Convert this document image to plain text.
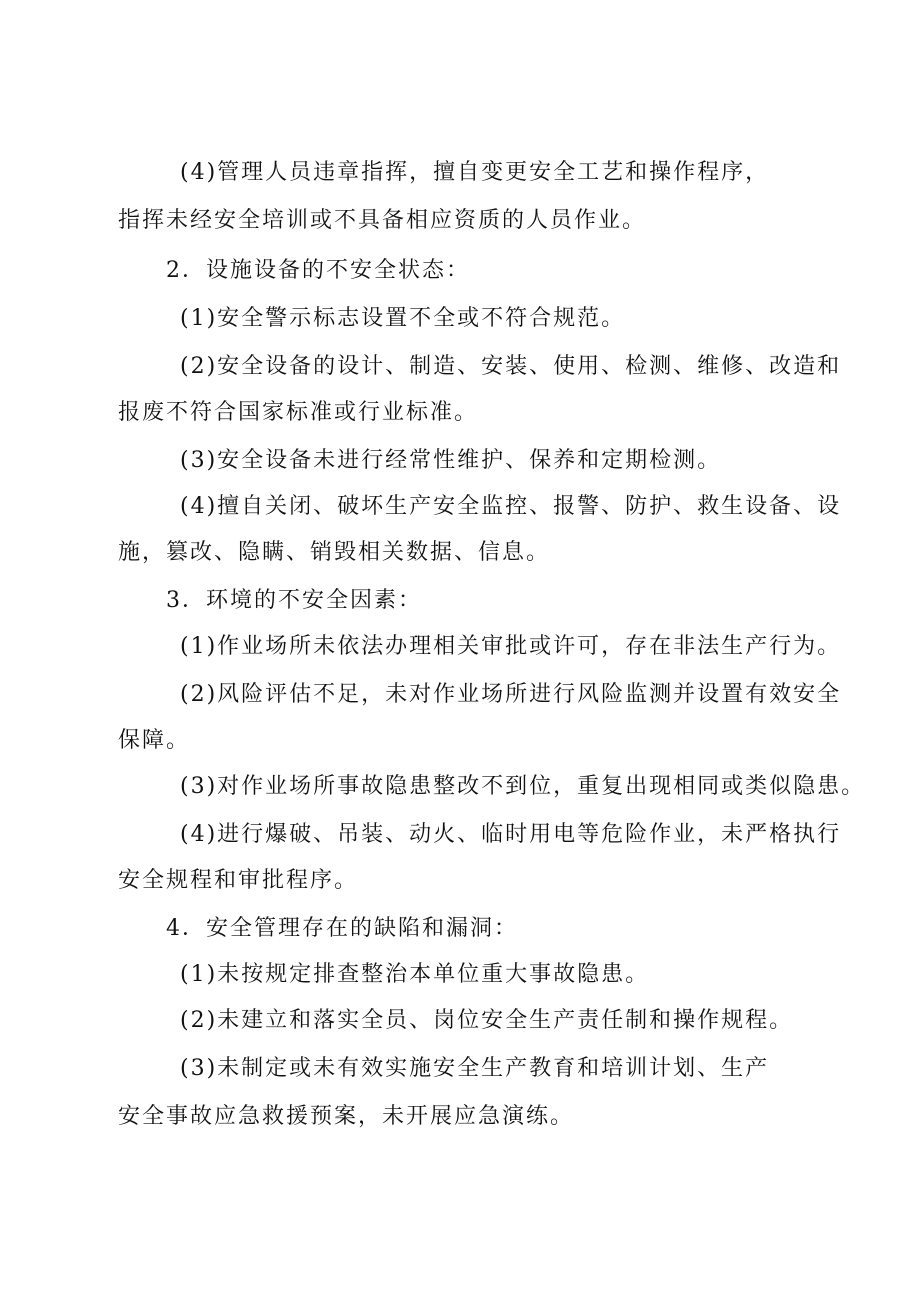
(4)管理人员违章指挥，擅自变更安全工艺和操作程序，
指挥未经安全培训或不具备相应资质的人员作业。
2．设施设备的不安全状态：
(1)安全警示标志设置不全或不符合规范。
(2)安全设备的设计、制造、安装、使用、检测、维修、改造和
报废不符合国家标准或行业标准。
(3)安全设备未进行经常性维护、保养和定期检测。
(4)擅自关闭、破坏生产安全监控、报警、防护、救生设备、设
施，篡改、隐瞒、销毁相关数据、信息。
3．环境的不安全因素：
(1)作业场所未依法办理相关审批或许可，存在非法生产行为。
(2)风险评估不足，未对作业场所进行风险监测并设置有效安全
保障。
(3)对作业场所事故隐患整改不到位，重复出现相同或类似隐患。
(4)进行爆破、吊装、动火、临时用电等危险作业，未严格执行
安全规程和审批程序。
4．安全管理存在的缺陷和漏洞：
(1)未按规定排查整治本单位重大事故隐患。
(2)未建立和落实全员、岗位安全生产责任制和操作规程。
(3)未制定或未有效实施安全生产教育和培训计划、生产
安全事故应急救援预案，未开展应急演练。
